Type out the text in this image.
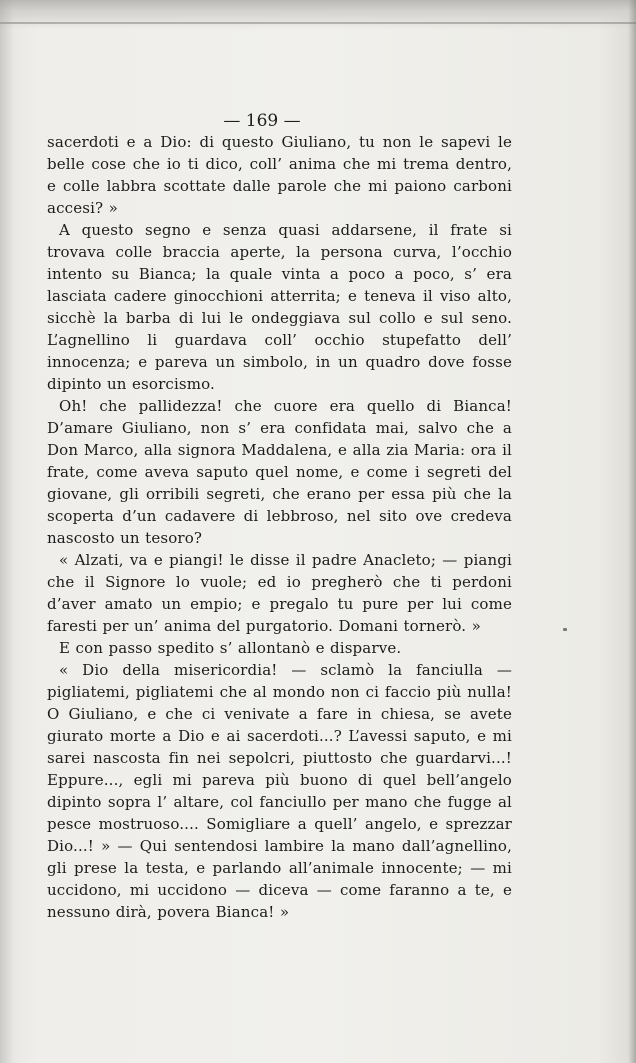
— 169 —

sacerdoti e a Dio: di questo Giuliano, tu non le sapevi le belle cose che io ti dico, coll’ anima che mi trema dentro, e colle labbra scottate dalle parole che mi paiono carboni accesi? »

A questo segno e senza quasi addarsene, il frate si trovava colle braccia aperte, la persona curva, l’occhio intento su Bianca; la quale vinta a poco a poco, s’ era lasciata cadere ginocchioni atterrita; e teneva il viso alto, sicchè la barba di lui le ondeggiava sul collo e sul seno. L’agnellino li guardava coll’ occhio stupefatto dell’ innocenza; e pareva un simbolo, in un quadro dove fosse dipinto un esorcismo.

Oh! che pallidezza! che cuore era quello di Bianca! D’amare Giuliano, non s’ era confidata mai, salvo che a Don Marco, alla signora Maddalena, e alla zia Maria: ora il frate, come aveva saputo quel nome, e come i segreti del giovane, gli orribili segreti, che erano per essa più che la scoperta d’un cadavere di lebbroso, nel sito ove credeva nascosto un tesoro?

« Alzati, va e piangi! le disse il padre Anacleto; — piangi che il Signore lo vuole; ed io pregherò che ti perdoni d’aver amato un empio; e pregalo tu pure per lui come faresti per un’ anima del purgatorio. Domani tornerò. »

E con passo spedito s’ allontanò e disparve.

« Dio della misericordia! — sclamò la fanciulla — pigliatemi, pigliatemi che al mondo non ci faccio più nulla! O Giuliano, e che ci venivate a fare in chiesa, se avete giurato morte a Dio e ai sacerdoti...? L’avessi saputo, e mi sarei nascosta fin nei sepolcri, piuttosto che guardarvi...! Eppure..., egli mi pareva più buono di quel bell’angelo dipinto sopra l’ altare, col fanciullo per mano che fugge al pesce mostruoso.... Somigliare a quell’ angelo, e sprezzar Dio...! » — Qui sentendosi lambire la mano dall’agnellino, gli prese la testa, e parlando all’animale innocente; — mi uccidono, mi uccidono — diceva — come faranno a te, e nessuno dirà, povera Bianca! »
